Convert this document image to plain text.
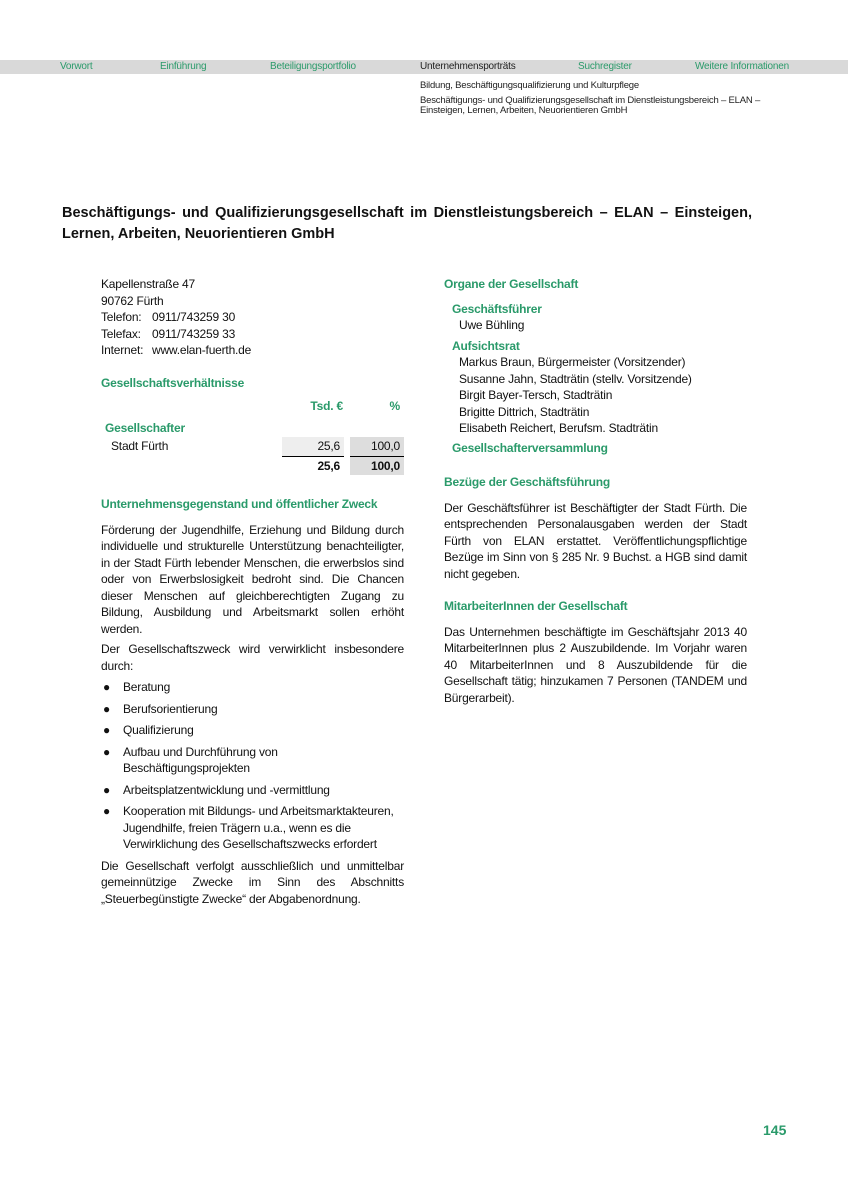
Vorwort	Einführung	Beteiligungsportfolio	Unternehmensporträts	Suchregister	Weitere Informationen
Bildung, Beschäftigungsqualifizierung und Kulturpflege
Beschäftigungs- und Qualifizierungsgesellschaft im Dienstleistungsbereich – ELAN –
Einsteigen, Lernen, Arbeiten, Neuorientieren GmbH
Beschäftigungs- und Qualifizierungsgesellschaft im Dienstleistungsbereich – ELAN – Einsteigen, Lernen, Arbeiten, Neuorientieren GmbH
Kapellenstraße 47
90762 Fürth
Telefon: 0911/743259 30
Telefax: 0911/743259 33
Internet: www.elan-fuerth.de
Gesellschaftsverhältnisse
	Tsd. €	%
Gesellschafter		
Stadt Fürth	25,6	100,0
	25,6	100,0
Unternehmensgegenstand und öffentlicher Zweck

Förderung der Jugendhilfe, Erziehung und Bildung durch individuelle und strukturelle Unterstützung benachteiligter, in der Stadt Fürth lebender Menschen, die erwerbslos sind oder von Erwerbslosigkeit bedroht sind. Die Chancen dieser Menschen auf gleichberechtigten Zugang zu Bildung, Ausbildung und Arbeitsmarkt sollen erhöht werden.

Der Gesellschaftszweck wird verwirklicht insbesondere durch:

● Beratung
● Berufsorientierung
● Qualifizierung
● Aufbau und Durchführung von Beschäftigungsprojekten
● Arbeitsplatzentwicklung und -vermittlung
● Kooperation mit Bildungs- und Arbeitsmarktakteuren, Jugendhilfe, freien Trägern u.a., wenn es die Verwirklichung des Gesellschaftszwecks erfordert

Die Gesellschaft verfolgt ausschließlich und unmittelbar gemeinnützige Zwecke im Sinn des Abschnitts „Steuerbegünstigte Zwecke“ der Abgabenordnung.

Organe der Gesellschaft
Geschäftsführer
Uwe Bühling
Aufsichtsrat
Markus Braun, Bürgermeister (Vorsitzender)
Susanne Jahn, Stadträtin (stellv. Vorsitzende)
Birgit Bayer-Tersch, Stadträtin
Brigitte Dittrich, Stadträtin
Elisabeth Reichert, Berufsm. Stadträtin
Gesellschafterversammlung
Bezüge der Geschäftsführung

Der Geschäftsführer ist Beschäftigter der Stadt Fürth. Die entsprechenden Personalausgaben werden der Stadt Fürth von ELAN erstattet. Veröffentlichungspflichtige Bezüge im Sinn von § 285 Nr. 9 Buchst. a HGB sind damit nicht gegeben.

MitarbeiterInnen der Gesellschaft

Das Unternehmen beschäftigte im Geschäftsjahr 2013 40 MitarbeiterInnen plus 2 Auszubildende. Im Vorjahr waren 40 MitarbeiterInnen und 8 Auszubildende für die Gesellschaft tätig; hinzukamen 7 Personen (TANDEM und Bürgerarbeit).

145
